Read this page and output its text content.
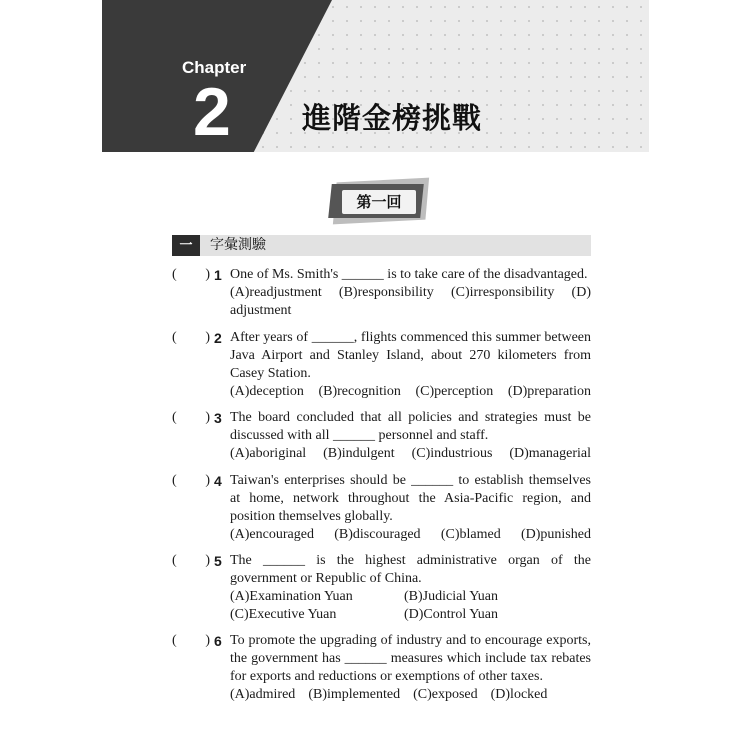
Chapter
2 進階金榜挑戰
第一回
一	字彙測驗
( ) 1 One of Ms. Smith's ______ is to take care of the disadvantaged.
(A)readjustment (B)responsibility (C)irresponsibility (D)
adjustment
( ) 2 After years of ______, flights commenced this summer between Java Airport and Stanley Island, about 270 kilometers from Casey Station.
(A)deception (B)recognition (C)perception (D)preparation
( ) 3 The board concluded that all policies and strategies must be discussed with all ______ personnel and staff.
(A)aboriginal (B)indulgent (C)industrious (D)managerial
( ) 4 Taiwan's enterprises should be ______ to establish themselves at home, network throughout the Asia-Pacific region, and position themselves globally.
(A)encouraged (B)discouraged (C)blamed (D)punished
( ) 5 The ______ is the highest administrative organ of the government or Republic of China.
(A)Examination Yuan	(B)Judicial Yuan
(C)Executive Yuan	(D)Control Yuan
( ) 6 To promote the upgrading of industry and to encourage exports, the government has ______ measures which include tax rebates for exports and reductions or exemptions of other taxes.
(A)admired (B)implemented (C)exposed (D)locked
